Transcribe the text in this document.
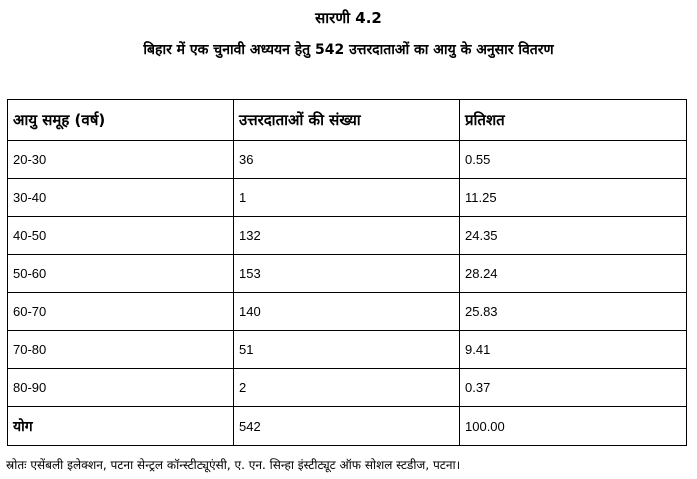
सारणी 4.2
बिहार में एक चुनावी अध्ययन हेतु 542 उत्तरदाताओं का आयु के अनुसार वितरण
आयु समूह (वर्ष)	उत्तरदाताओं की संख्या	प्रतिशत
20-30	36	0.55
30-40	1	11.25
40-50	132	24.35
50-60	153	28.24
60-70	140	25.83
70-80	51	9.41
80-90	2	0.37
योग	542	100.00
स्रोतः एसेंबली इलेक्शन, पटना सेन्ट्रल कॉन्स्टीट्यूएंसी, ए. एन. सिन्हा इंस्टीट्यूट ऑफ सोशल स्टडीज, पटना।
